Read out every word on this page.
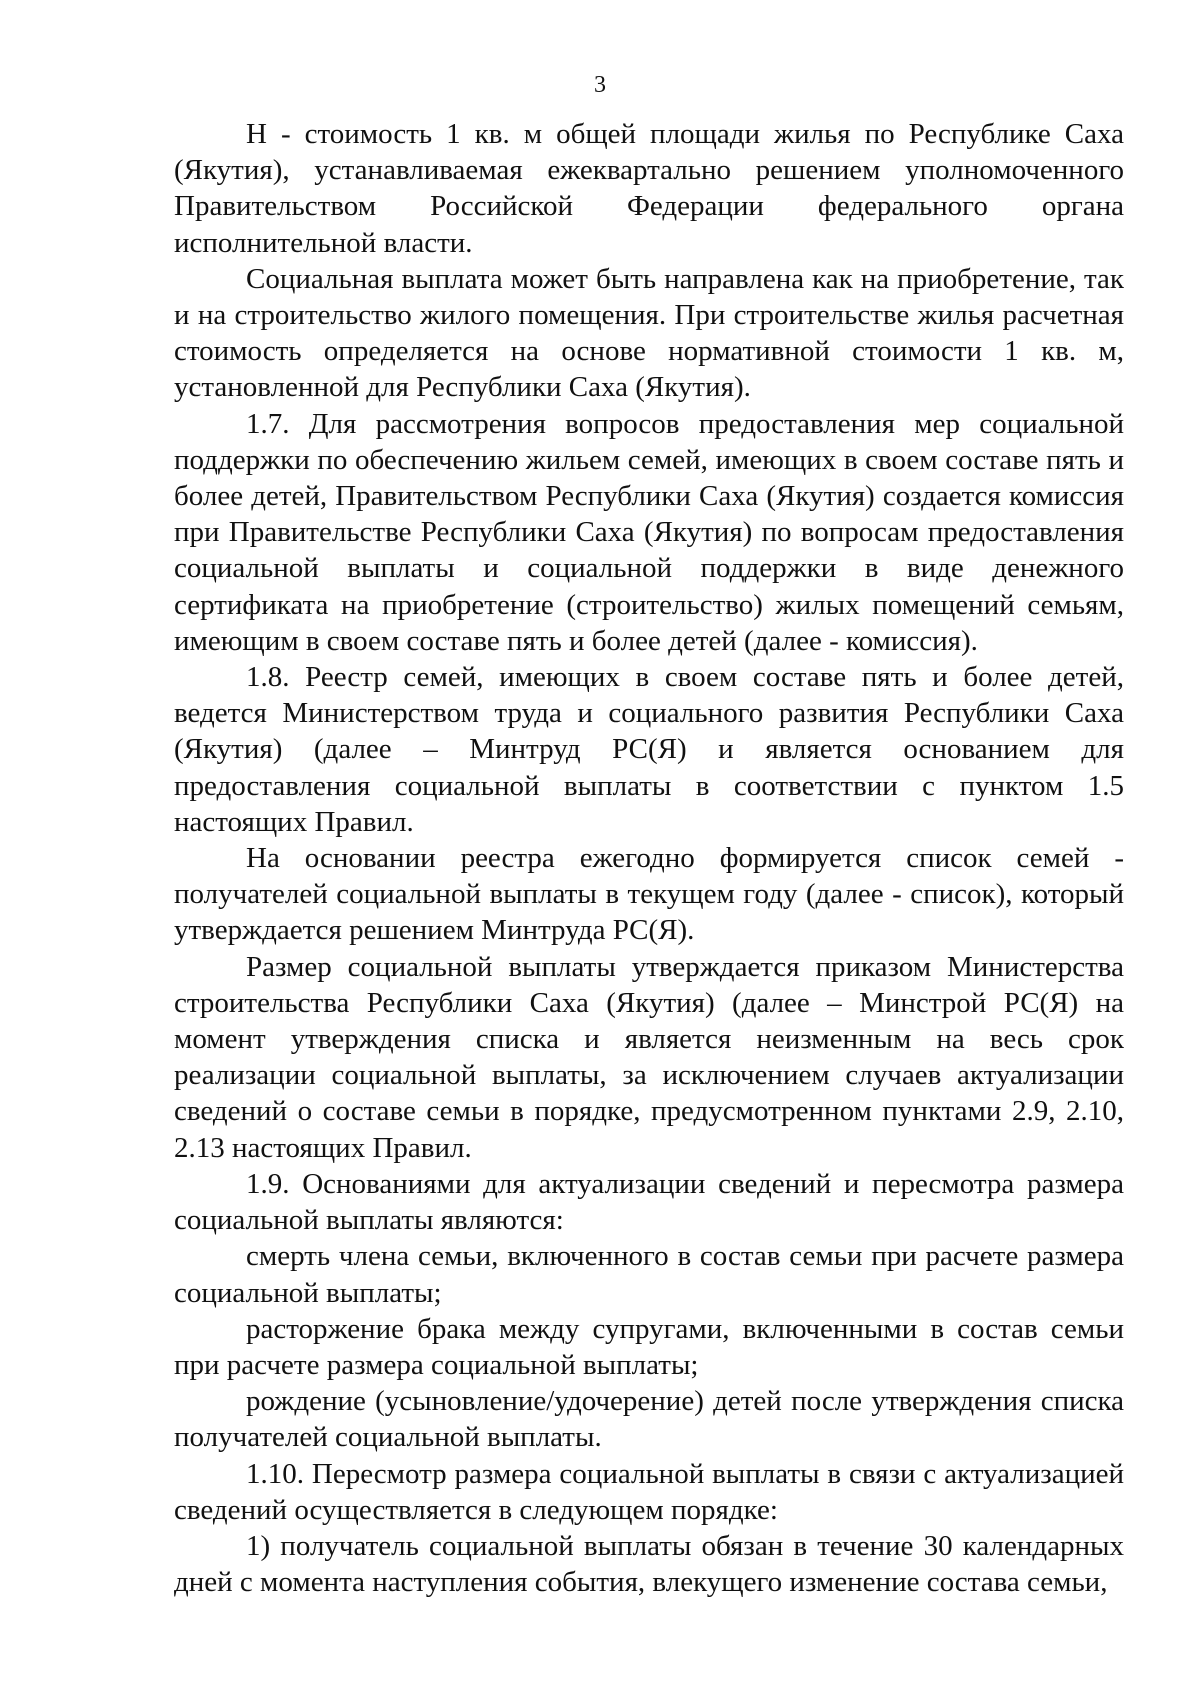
3

Н - стоимость 1 кв. м общей площади жилья по Республике Саха (Якутия), устанавливаемая ежеквартально решением уполномоченного Правительством Российской Федерации федерального органа исполнительной власти.

Социальная выплата может быть направлена как на приобретение, так и на строительство жилого помещения. При строительстве жилья расчетная стоимость определяется на основе нормативной стоимости 1 кв. м, установленной для Республики Саха (Якутия).

1.7. Для рассмотрения вопросов предоставления мер социальной поддержки по обеспечению жильем семей, имеющих в своем составе пять и более детей, Правительством Республики Саха (Якутия) создается комиссия при Правительстве Республики Саха (Якутия) по вопросам предоставления социальной выплаты и социальной поддержки в виде денежного сертификата на приобретение (строительство) жилых помещений семьям, имеющим в своем составе пять и более детей (далее - комиссия).

1.8. Реестр семей, имеющих в своем составе пять и более детей, ведется Министерством труда и социального развития Республики Саха (Якутия) (далее – Минтруд РС(Я) и является основанием для предоставления социальной выплаты в соответствии с пунктом 1.5 настоящих Правил.

На основании реестра ежегодно формируется список семей - получателей социальной выплаты в текущем году (далее - список), который утверждается решением Минтруда РС(Я).

Размер социальной выплаты утверждается приказом Министерства строительства Республики Саха (Якутия) (далее – Минстрой РС(Я) на момент утверждения списка и является неизменным на весь срок реализации социальной выплаты, за исключением случаев актуализации сведений о составе семьи в порядке, предусмотренном пунктами 2.9, 2.10, 2.13 настоящих Правил.

1.9. Основаниями для актуализации сведений и пересмотра размера социальной выплаты являются:

смерть члена семьи, включенного в состав семьи при расчете размера социальной выплаты;

расторжение брака между супругами, включенными в состав семьи при расчете размера социальной выплаты;

рождение (усыновление/удочерение) детей после утверждения списка получателей социальной выплаты.

1.10. Пересмотр размера социальной выплаты в связи с актуализацией сведений осуществляется в следующем порядке:

1) получатель социальной выплаты обязан в течение 30 календарных дней с момента наступления события, влекущего изменение состава семьи,
